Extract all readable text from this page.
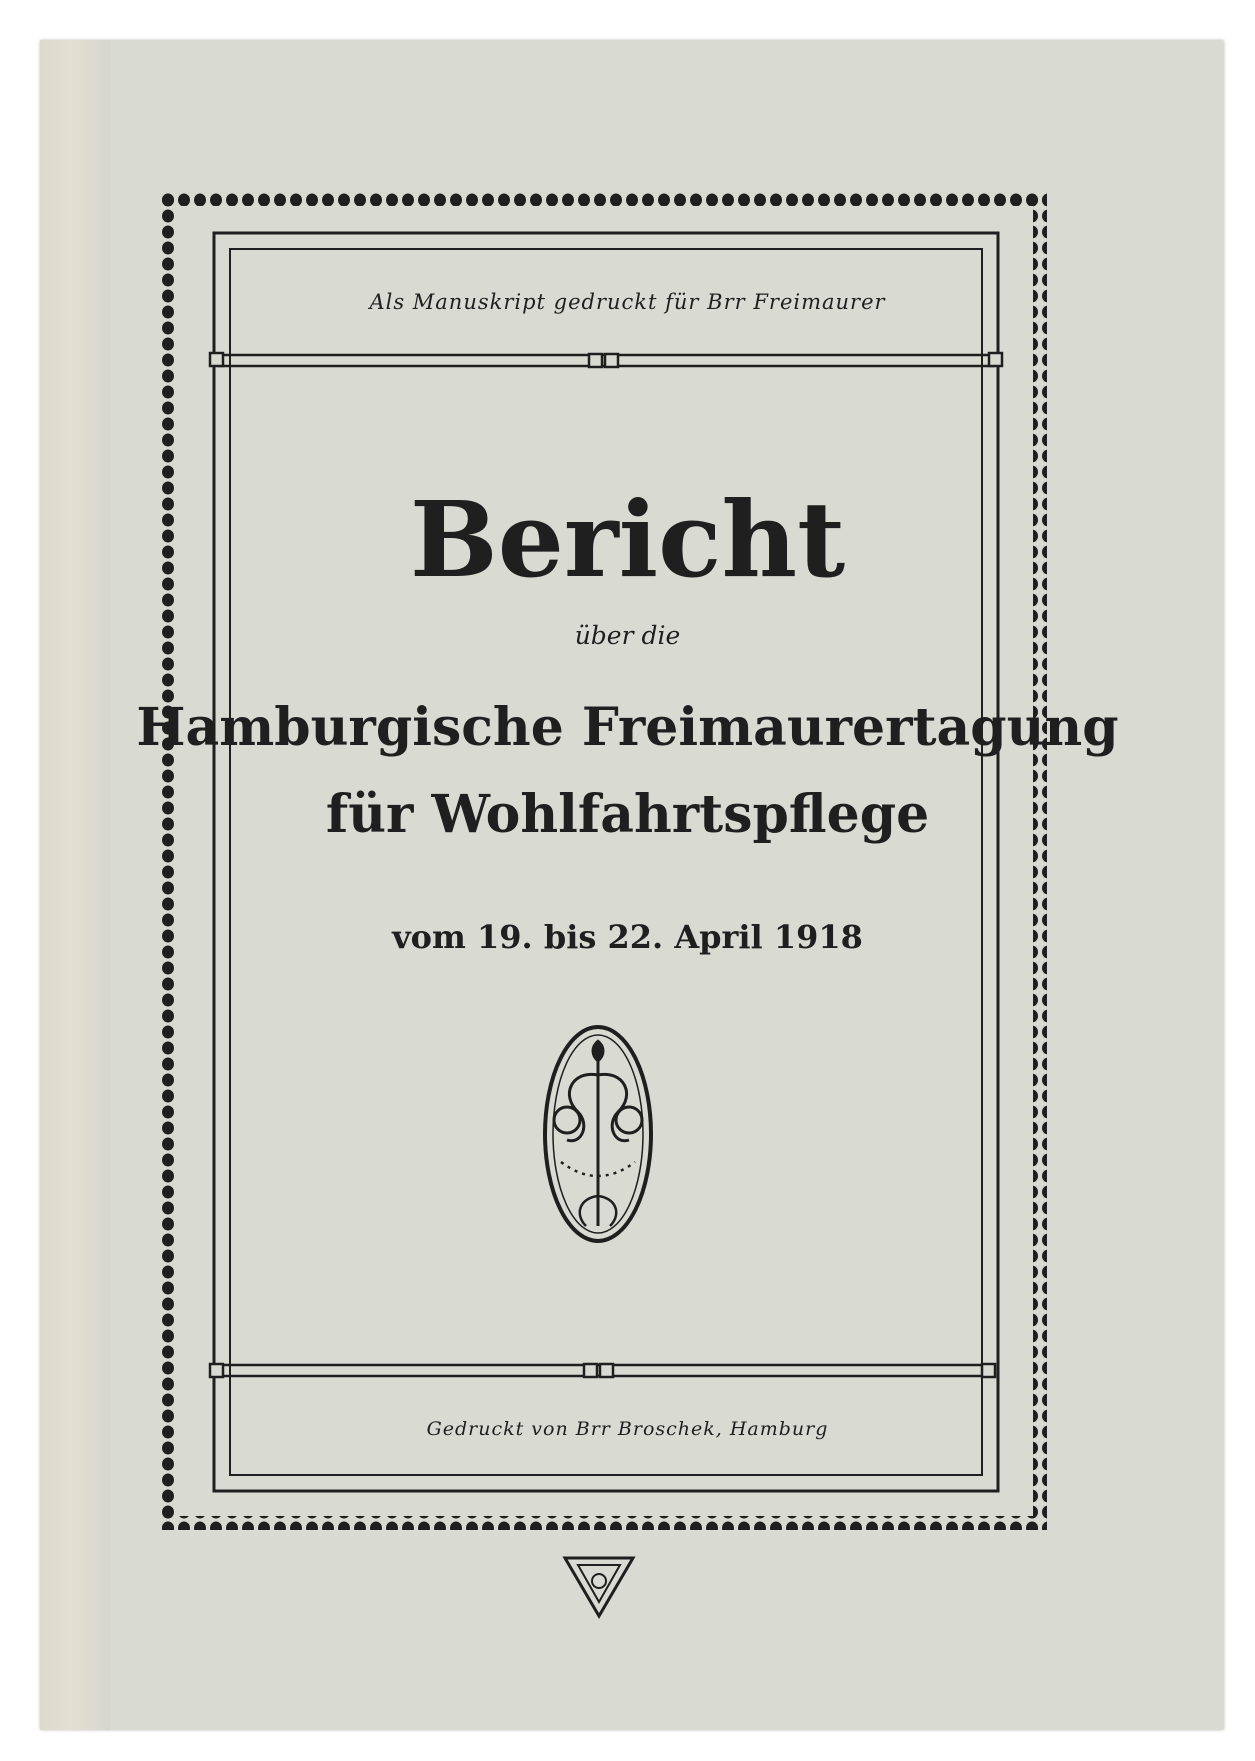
Als Manuskript gedruckt für Brr Freimaurer
Bericht
über die
Hamburgische Freimaurertagung
für Wohlfahrtspflege
vom 19. bis 22. April 1918
Gedruckt von Brr Broschek, Hamburg
